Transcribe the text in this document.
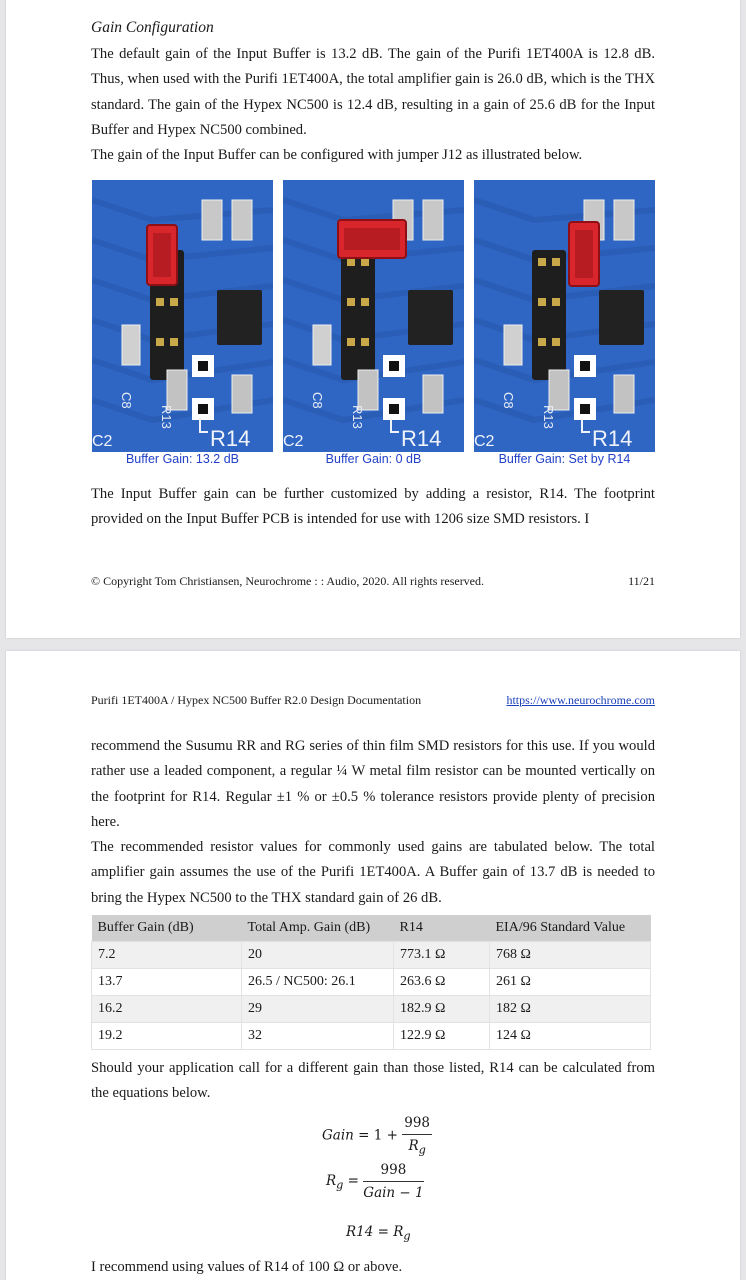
Gain Configuration
The default gain of the Input Buffer is 13.2 dB. The gain of the Purifi 1ET400A is 12.8 dB. Thus, when used with the Purifi 1ET400A, the total amplifier gain is 26.0 dB, which is the THX standard. The gain of the Hypex NC500 is 12.4 dB, resulting in a gain of 25.6 dB for the Input Buffer and Hypex NC500 combined.
The gain of the Input Buffer can be configured with jumper J12 as illustrated below.
C8
R13
R14
C2
C8
R13
R14
C2
C8
R13
R14
C2
Buffer Gain: 13.2 dB	Buffer Gain: 0 dB	Buffer Gain: Set by R14
The Input Buffer gain can be further customized by adding a resistor, R14. The footprint provided on the Input Buffer PCB is intended for use with 1206 size SMD resistors. I
© Copyright Tom Christiansen, Neurochrome : : Audio, 2020. All rights reserved.	11/21
Purifi 1ET400A / Hypex NC500 Buffer R2.0 Design Documentation	https://www.neurochrome.com
recommend the Susumu RR and RG series of thin film SMD resistors for this use. If you would rather use a leaded component, a regular ¼ W metal film resistor can be mounted vertically on the footprint for R14. Regular ±1 % or ±0.5 % tolerance resistors provide plenty of precision here.
The recommended resistor values for commonly used gains are tabulated below. The total amplifier gain assumes the use of the Purifi 1ET400A. A Buffer gain of 13.7 dB is needed to bring the Hypex NC500 to the THX standard gain of 26 dB.
Buffer Gain (dB)	Total Amp. Gain (dB)	R14	EIA/96 Standard Value
7.2	20	773.1 Ω	768 Ω
13.7	26.5 / NC500: 26.1	263.6 Ω	261 Ω
16.2	29	182.9 Ω	182 Ω
19.2	32	122.9 Ω	124 Ω
Should your application call for a different gain than those listed, R14 can be calculated from the equations below.
Gain = $1 + \frac{998}{R_g}$
$R_g = \frac{998}{\text{Gain − 1}}$
$R14 = R_g$
I recommend using values of R14 of 100 Ω or above.
